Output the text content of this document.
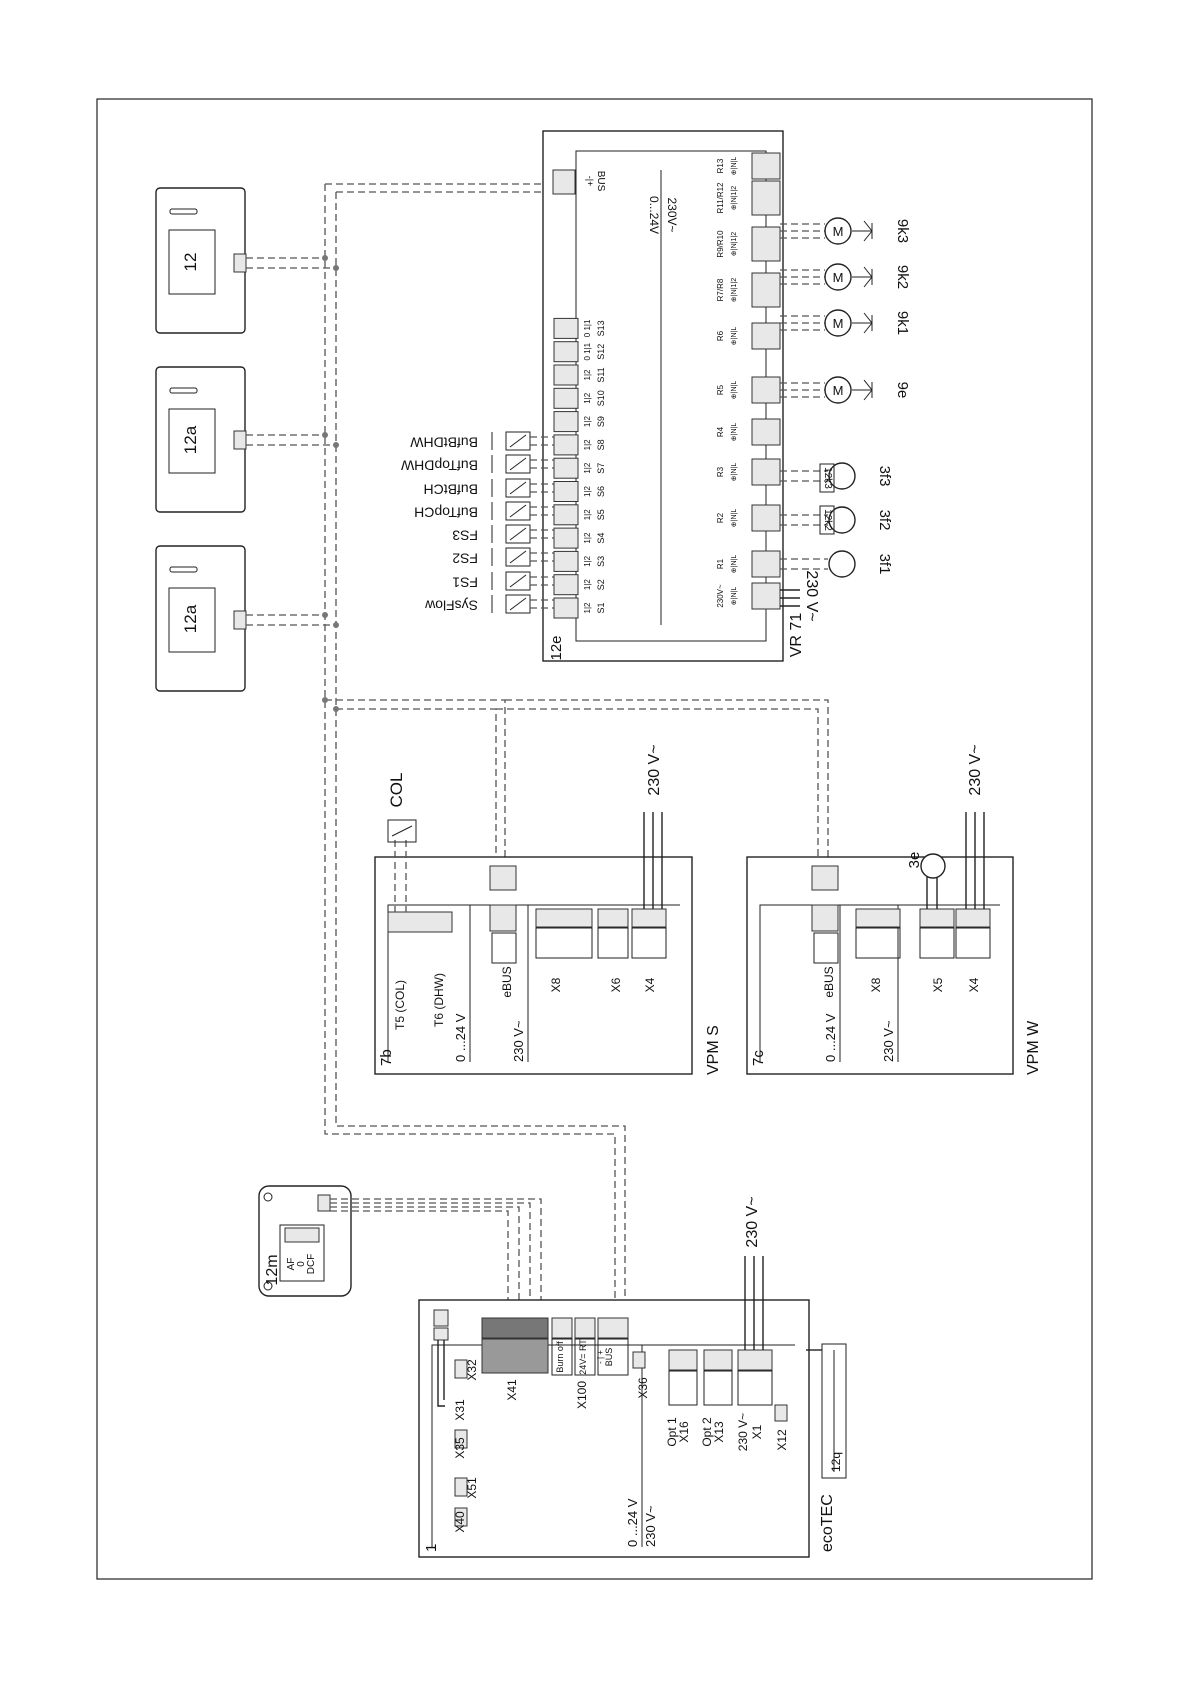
12
12a
12a
BUS
-|+
0...24V 230V~
12e	VR 71
1|2 S1
1|2 S2
1|2 S3
1|2 S4
1|2 S5
1|2 S6
1|2 S7
1|2 S8
1|2 S9
1|2 S10
1|2 S11
0 1|1 S12
0 1|1 S13
230V~ ⊕|N|L
R1 ⊕|N|L
R2 ⊕|N|L
R3 ⊕|N|L
R4 ⊕|N|L
R5 ⊕|N|L
R6 ⊕|N|L
R7/R8 ⊕|N|1|2
R9/R10 ⊕|N|1|2
R11/R12 ⊕|N|1|2
R13 ⊕|N|L
230 V~
SysFlow
FS1
FS2
FS3
BufTopCH
BufBtCH
BufTopDHW
BufBtDHW
3f1
3f2
3f3
12k2
12k3
M	9e
M	9k1
M	9k2
M	9k3
7b	0 ...24 V	230 V~	VPM S
T5 (COL) T6 (DHW)	eBUS	X8	X6 X4
230 V~
COL
7c	0 ...24 V	230 V~	VPM W
eBUS	X8	X5 X4
230 V~
3e
12m AF 0 DCF
1
0 ...24 V 230 V~	ecoTEC
X31
X32
X35
X51
X40
X41
Burn off 24V= RT BUS
- | +
X100	X36
Opt 1
X16 Opt 2
X13 230 V~ X1 X12
230 V~
12q
